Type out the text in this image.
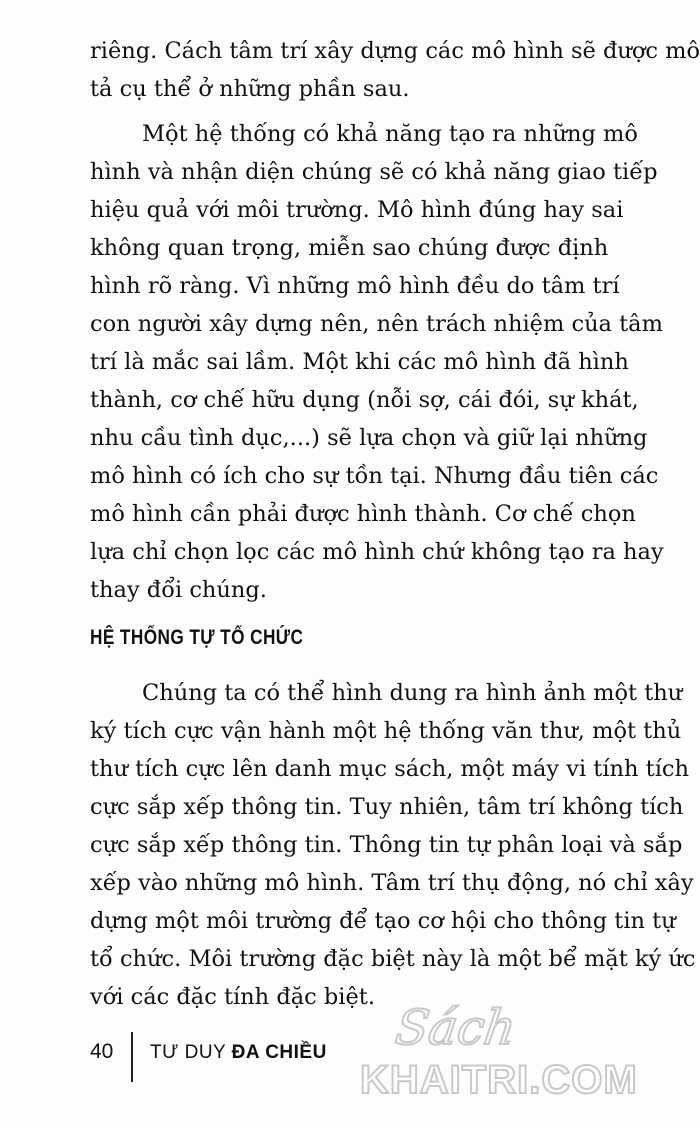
riêng. Cách tâm trí xây dựng các mô hình sẽ được mô
tả cụ thể ở những phần sau.
Một hệ thống có khả năng tạo ra những mô
hình và nhận diện chúng sẽ có khả năng giao tiếp
hiệu quả với môi trường. Mô hình đúng hay sai
không quan trọng, miễn sao chúng được định
hình rõ ràng. Vì những mô hình đều do tâm trí
con người xây dựng nên, nên trách nhiệm của tâm
trí là mắc sai lầm. Một khi các mô hình đã hình
thành, cơ chế hữu dụng (nỗi sợ, cái đói, sự khát,
nhu cầu tình dục,...) sẽ lựa chọn và giữ lại những
mô hình có ích cho sự tồn tại. Nhưng đầu tiên các
mô hình cần phải được hình thành. Cơ chế chọn
lựa chỉ chọn lọc các mô hình chứ không tạo ra hay
thay đổi chúng.
HỆ THỐNG TỰ TỔ CHỨC
Chúng ta có thể hình dung ra hình ảnh một thư
ký tích cực vận hành một hệ thống văn thư, một thủ
thư tích cực lên danh mục sách, một máy vi tính tích
cực sắp xếp thông tin. Tuy nhiên, tâm trí không tích
cực sắp xếp thông tin. Thông tin tự phân loại và sắp
xếp vào những mô hình. Tâm trí thụ động, nó chỉ xây
dựng một môi trường để tạo cơ hội cho thông tin tự
tổ chức. Môi trường đặc biệt này là một bể mặt ký ức
với các đặc tính đặc biệt.
40 TƯ DUY ĐA CHIỀU Sách
KHAITRI.COM
